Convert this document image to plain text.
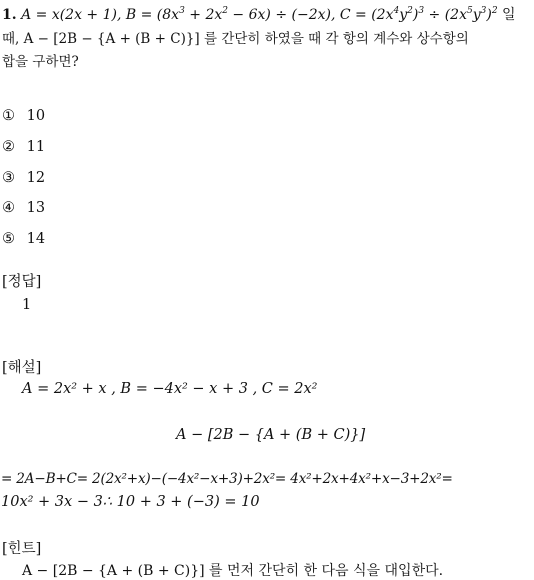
1. A = x(2x + 1), $B = (8x^3 + 2x^2 - 6x) \div (-2x)$, $C = (2x^4y^2)^3 \div (2x^5y^3)^2$ 일
때, A − [2B − {A + (B + C)}] 를 간단히 하였을 때 각 항의 계수와 상수항의
합을 구하면?
① 10
② 11
③ 12
④ 13
⑤ 14
[정답]
1
[해설]
A = 2x² + x , B = −4x² − x + 3 , C = 2x²
A − [2B − {A + (B + C)}]
= 2A−B+C= 2(2x²+x)−(−4x²−x+3)+2x²= 4x²+2x+4x²+x−3+2x²=
10x² + 3x − 3∴ 10 + 3 + (−3) = 10
[힌트]
A − [2B − {A + (B + C)}] 를 먼저 간단히 한 다음 식을 대입한다.
